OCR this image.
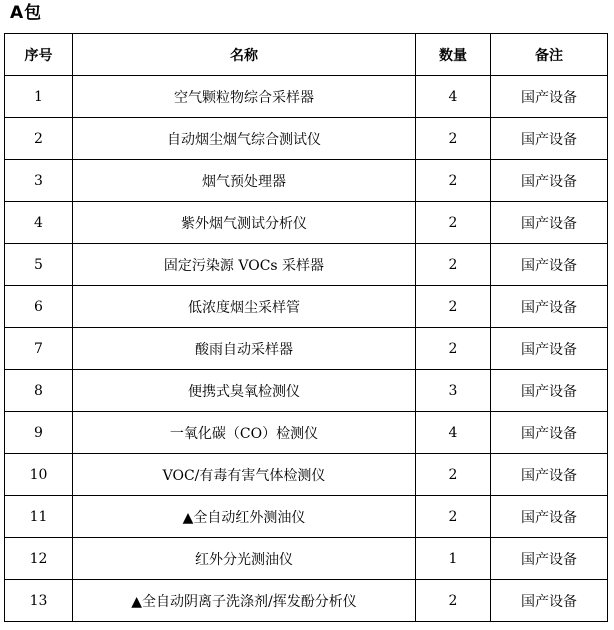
A包
序号	名称	数量	备注
1	空气颗粒物综合采样器	4	国产设备
2	自动烟尘烟气综合测试仪	2	国产设备
3	烟气预处理器	2	国产设备
4	紫外烟气测试分析仪	2	国产设备
5	固定污染源 VOCs 采样器	2	国产设备
6	低浓度烟尘采样管	2	国产设备
7	酸雨自动采样器	2	国产设备
8	便携式臭氧检测仪	3	国产设备
9	一氧化碳（CO）检测仪	4	国产设备
10	VOC/有毒有害气体检测仪	2	国产设备
11	▲全自动红外测油仪	2	国产设备
12	红外分光测油仪	1	国产设备
13	▲全自动阴离子洗涤剂/挥发酚分析仪	2	国产设备
